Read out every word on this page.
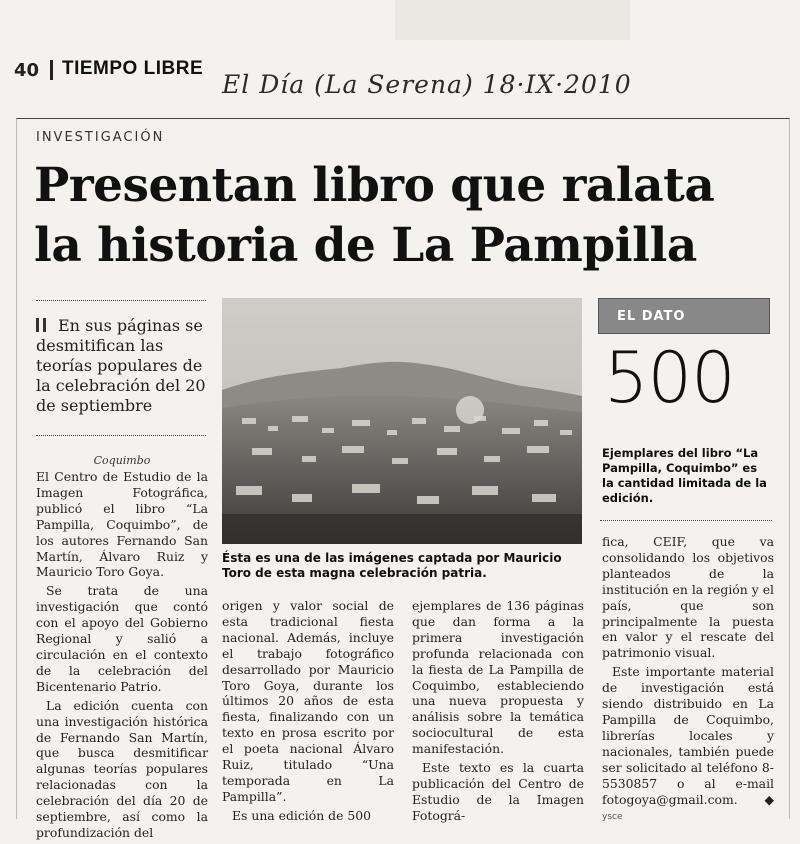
40 TIEMPO LIBRE
El Día (La Serena) 18·IX·2010
INVESTIGACIÓN
Presentan libro que ralata
la historia de La Pampilla

En sus páginas se desmitifican las teorías populares de la celebración del 20 de septiembre

Coquimbo

El Centro de Estudio de la Imagen Fotográfica, publicó el libro “La Pampilla, Coquimbo”, de los autores Fernando San Martín, Álvaro Ruiz y Mauricio Toro Goya.

Se trata de una investigación que contó con el apoyo del Gobierno Regional y salió a circulación en el contexto de la celebración del Bicentenario Patrio.

La edición cuenta con una investigación histórica de Fernando San Martín, que busca desmitificar algunas teorías populares relacionadas con la celebración del día 20 de septiembre, así como la profundización del

Ésta es una de las imágenes captada por Mauricio Toro de esta magna celebración patria.

origen y valor social de esta tradicional fiesta nacional. Además, incluye el trabajo fotográfico desarrollado por Mauricio Toro Goya, durante los últimos 20 años de esta fiesta, finalizando con un texto en prosa escrito por el poeta nacional Álvaro Ruiz, titulado “Una temporada en La Pampilla”.

Es una edición de 500

ejemplares de 136 páginas que dan forma a la primera investigación profunda relacionada con la fiesta de La Pampilla de Coquimbo, estableciendo una nueva propuesta y análisis sobre la temática sociocultural de esta manifestación.

Este texto es la cuarta publicación del Centro de Estudio de la Imagen Fotográ-

EL DATO
500
Ejemplares del libro “La Pampilla, Coquimbo” es la cantidad limitada de la edición.

fica, CEIF, que va consolidando los objetivos planteados de la institución en la región y el país, que son principalmente la puesta en valor y el rescate del patrimonio visual.

Este importante material de investigación está siendo distribuido en La Pampilla de Coquimbo, librerías locales y nacionales, también puede ser solicitado al teléfono 8-5530857 o al e-mail fotogoya@gmail.com. ◆ ysce
